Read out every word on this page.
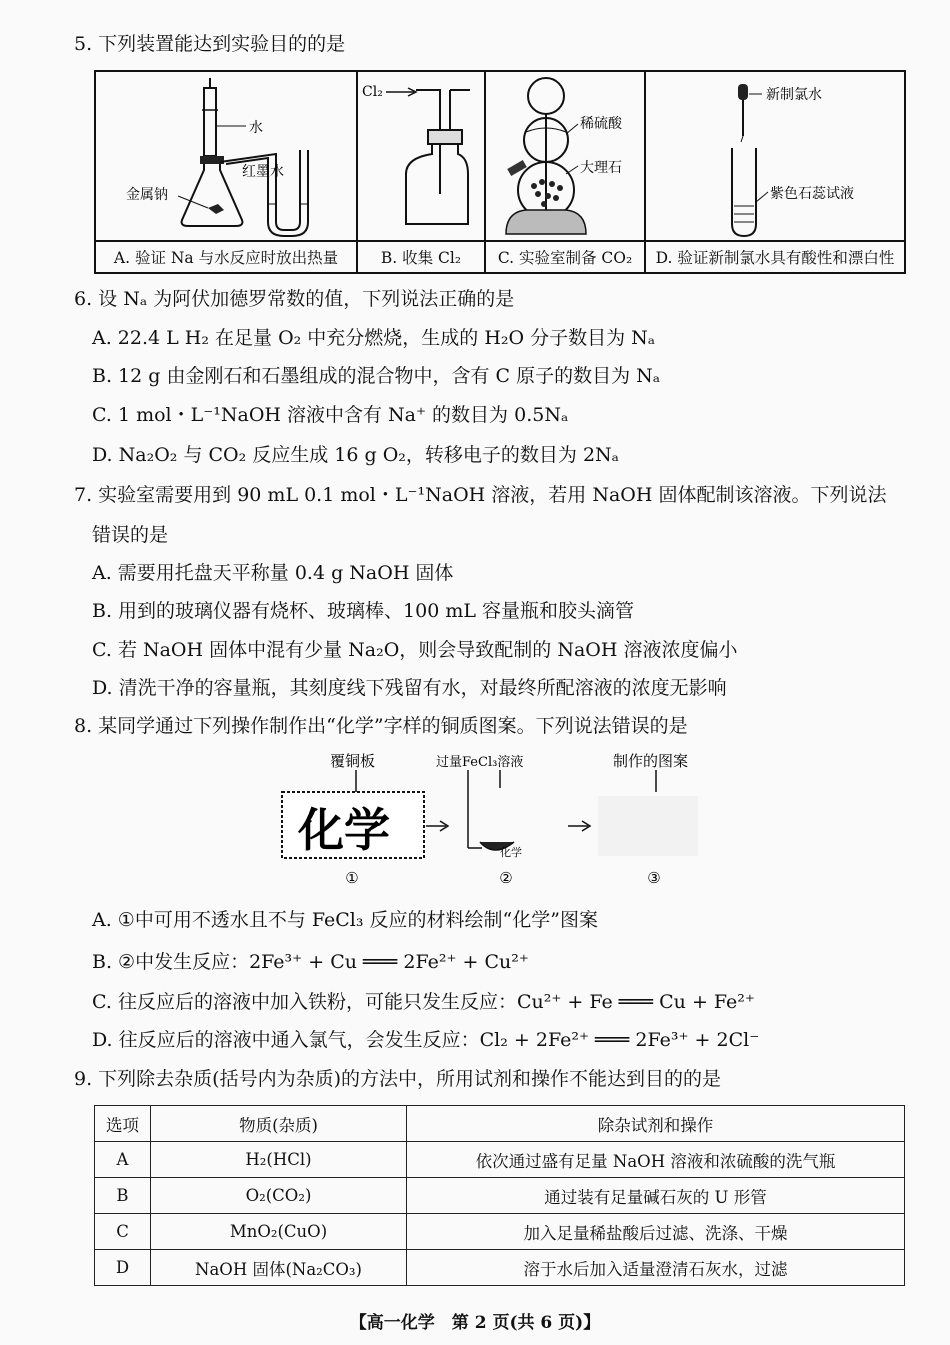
5. 下列装置能达到实验目的的是
水
金属钠
红墨水	Cl₂	稀硫酸
大理石	新制氯水
紫色石蕊试液

A. 验证 Na 与水反应时放出热量	B. 收集 Cl₂	C. 实验室制备 CO₂	D. 验证新制氯水具有酸性和漂白性
6. 设 Nₐ 为阿伏加德罗常数的值，下列说法正确的是
A. 22.4 L H₂ 在足量 O₂ 中充分燃烧，生成的 H₂O 分子数目为 Nₐ
B. 12 g 由金刚石和石墨组成的混合物中，含有 C 原子的数目为 Nₐ
C. 1 mol・L⁻¹NaOH 溶液中含有 Na⁺ 的数目为 0.5Nₐ
D. Na₂O₂ 与 CO₂ 反应生成 16 g O₂，转移电子的数目为 2Nₐ
7. 实验室需要用到 90 mL 0.1 mol・L⁻¹NaOH 溶液，若用 NaOH 固体配制该溶液。下列说法
错误的是
A. 需要用托盘天平称量 0.4 g NaOH 固体
B. 用到的玻璃仪器有烧杯、玻璃棒、100 mL 容量瓶和胶头滴管
C. 若 NaOH 固体中混有少量 Na₂O，则会导致配制的 NaOH 溶液浓度偏小
D. 清洗干净的容量瓶，其刻度线下残留有水，对最终所配溶液的浓度无影响
8. 某同学通过下列操作制作出“化学”字样的铜质图案。下列说法错误的是
覆铜板
化学
①
过量FeCl₃溶液
化学
②
制作的图案
③
A. ①中可用不透水且不与 FeCl₃ 反应的材料绘制“化学”图案
B. ②中发生反应：2Fe³⁺ + Cu ═══ 2Fe²⁺ + Cu²⁺
C. 往反应后的溶液中加入铁粉，可能只发生反应：Cu²⁺ + Fe ═══ Cu + Fe²⁺
D. 往反应后的溶液中通入氯气，会发生反应：Cl₂ + 2Fe²⁺ ═══ 2Fe³⁺ + 2Cl⁻
9. 下列除去杂质(括号内为杂质)的方法中，所用试剂和操作不能达到目的的是
选项	物质(杂质)	除杂试剂和操作
A	H₂(HCl)	依次通过盛有足量 NaOH 溶液和浓硫酸的洗气瓶
B	O₂(CO₂)	通过装有足量碱石灰的 U 形管
C	MnO₂(CuO)	加入足量稀盐酸后过滤、洗涤、干燥
D	NaOH 固体(Na₂CO₃)	溶于水后加入适量澄清石灰水，过滤
【高一化学　第 2 页(共 6 页)】
